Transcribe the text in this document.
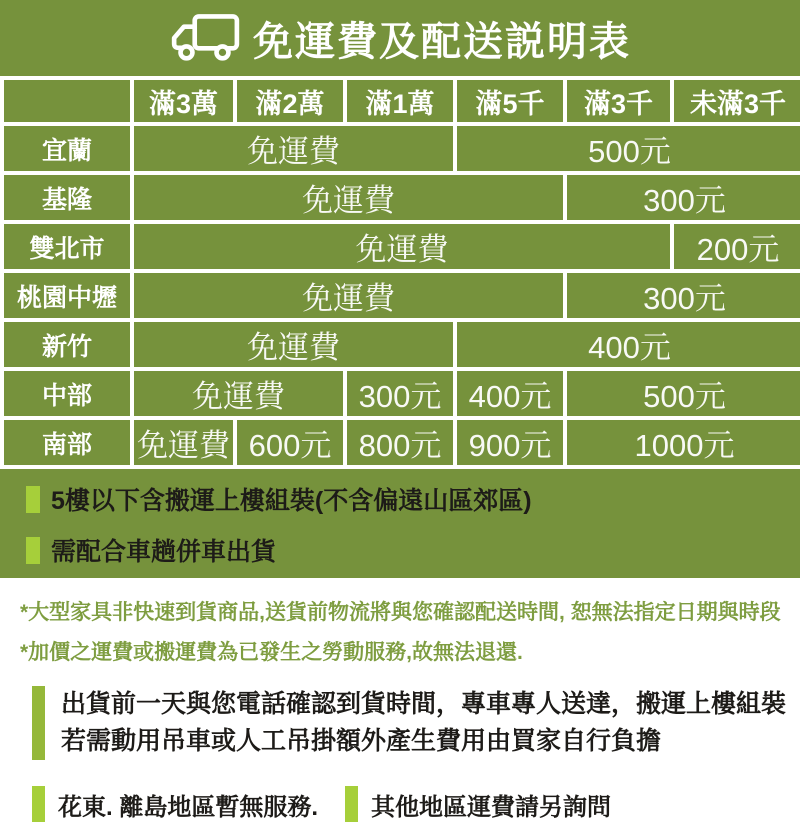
免運費及配送説明表
	滿3萬	滿2萬	滿1萬	滿5千	滿3千	未滿3千
宜蘭	免運費			500元		
基隆	免運費				300元	
雙北市	免運費					200元
桃園中壢	免運費				300元	
新竹	免運費			400元		
中部	免運費		300元	400元	500元	
南部	免運費	600元	800元	900元	1000元	
5樓以下含搬運上樓組裝(不含偏遠山區郊區)
需配合車趟併車出貨

*大型家具非快速到貨商品,送貨前物流將與您確認配送時間, 恕無法指定日期與時段

*加價之運費或搬運費為已發生之勞動服務,故無法退還.

出貨前一天與您電話確認到貨時間，專車專人送達，搬運上樓組裝

若需動用吊車或人工吊掛額外產生費用由買家自行負擔

花東. 離島地區暫無服務. 其他地區運費請另詢問
